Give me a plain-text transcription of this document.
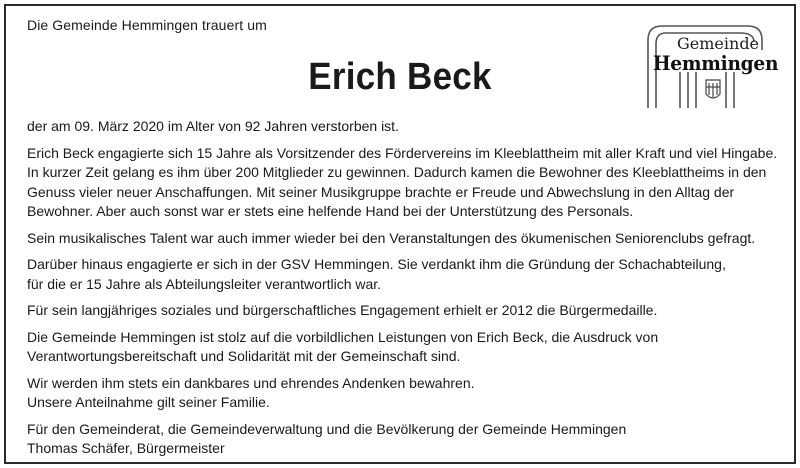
Die Gemeinde Hemmingen trauert um
Erich Beck
Gemeinde
Hemmingen

der am 09. März 2020 im Alter von 92 Jahren verstorben ist.

Erich Beck engagierte sich 15 Jahre als Vorsitzender des Fördervereins im Kleeblattheim mit aller Kraft und viel Hingabe.
In kurzer Zeit gelang es ihm über 200 Mitglieder zu gewinnen. Dadurch kamen die Bewohner des Kleeblattheims in den
Genuss vieler neuer Anschaffungen. Mit seiner Musikgruppe brachte er Freude und Abwechslung in den Alltag der
Bewohner. Aber auch sonst war er stets eine helfende Hand bei der Unterstützung des Personals.

Sein musikalisches Talent war auch immer wieder bei den Veranstaltungen des ökumenischen Seniorenclubs gefragt.

Darüber hinaus engagierte er sich in der GSV Hemmingen. Sie verdankt ihm die Gründung der Schachabteilung,
für die er 15 Jahre als Abteilungsleiter verantwortlich war.

Für sein langjähriges soziales und bürgerschaftliches Engagement erhielt er 2012 die Bürgermedaille.

Die Gemeinde Hemmingen ist stolz auf die vorbildlichen Leistungen von Erich Beck, die Ausdruck von
Verantwortungsbereitschaft und Solidarität mit der Gemeinschaft sind.

Wir werden ihm stets ein dankbares und ehrendes Andenken bewahren.
Unsere Anteilnahme gilt seiner Familie.

Für den Gemeinderat, die Gemeindeverwaltung und die Bevölkerung der Gemeinde Hemmingen
Thomas Schäfer, Bürgermeister
